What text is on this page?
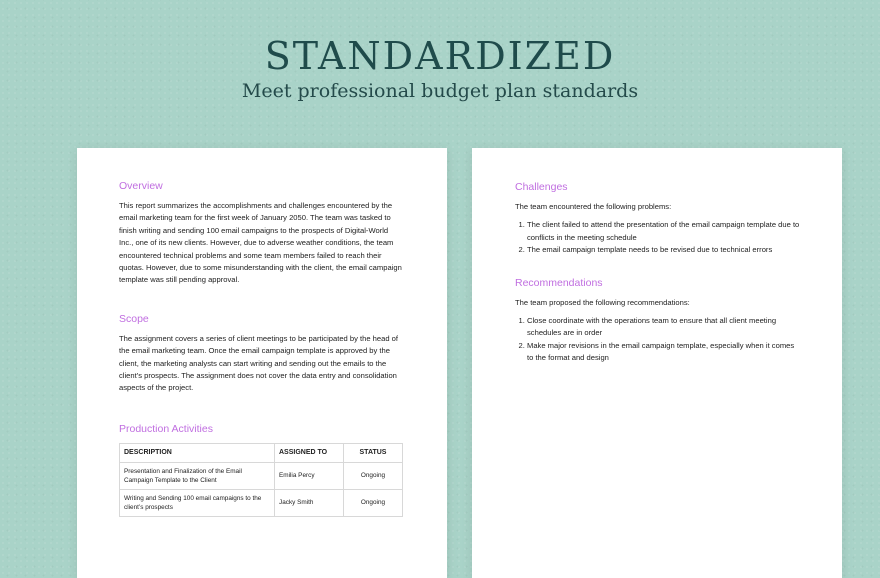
STANDARDIZED
Meet professional budget plan standards
Overview

This report summarizes the accomplishments and challenges encountered by the email marketing team for the first week of January 2050. The team was tasked to finish writing and sending 100 email campaigns to the prospects of Digital-World Inc., one of its new clients. However, due to adverse weather conditions, the team encountered technical problems and some team members failed to reach their quotas. However, due to some misunderstanding with the client, the email campaign template was still pending approval.

Scope

The assignment covers a series of client meetings to be participated by the head of the email marketing team. Once the email campaign template is approved by the client, the marketing analysts can start writing and sending out the emails to the client’s prospects. The assignment does not cover the data entry and consolidation aspects of the project.

Production Activities
DESCRIPTION	ASSIGNED TO	STATUS
Presentation and Finalization of the Email Campaign Template to the Client	Emilia Percy	Ongoing
Writing and Sending 100 email campaigns to the client’s prospects	Jacky Smith	Ongoing
Challenges

The team encountered the following problems:

1. The client failed to attend the presentation of the email campaign template due to conflicts in the meeting schedule
2. The email campaign template needs to be revised due to technical errors
Recommendations

The team proposed the following recommendations:

1. Close coordinate with the operations team to ensure that all client meeting schedules are in order
2. Make major revisions in the email campaign template, especially when it comes to the format and design
